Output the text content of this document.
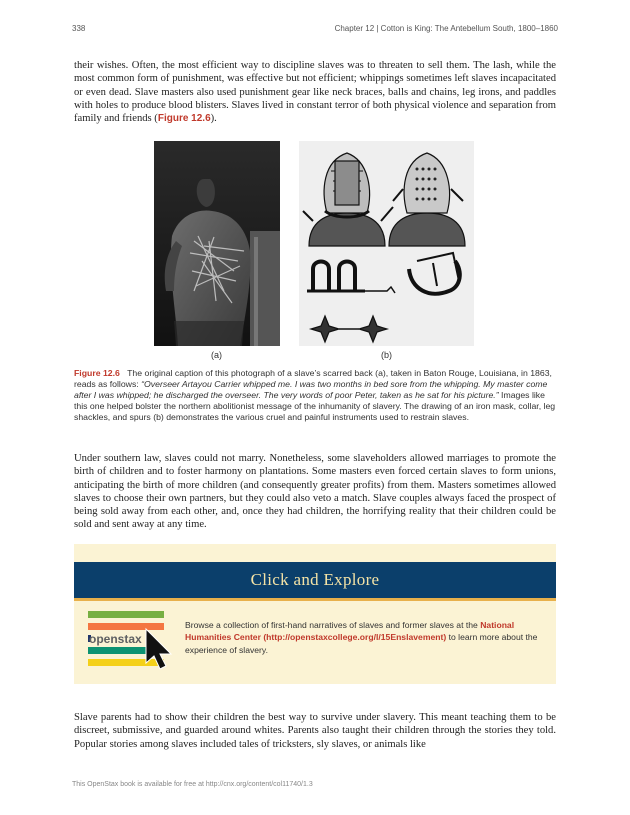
338	Chapter 12 | Cotton is King: The Antebellum South, 1800–1860

their wishes. Often, the most efficient way to discipline slaves was to threaten to sell them. The lash, while the most common form of punishment, was effective but not efficient; whippings sometimes left slaves incapacitated or even dead. Slave masters also used punishment gear like neck braces, balls and chains, leg irons, and paddles with holes to produce blood blisters. Slaves lived in constant terror of both physical violence and separation from family and friends (Figure 12.6).

(a)	(b)

Figure 12.6 The original caption of this photograph of a slave’s scarred back (a), taken in Baton Rouge, Louisiana, in 1863, reads as follows: “Overseer Artayou Carrier whipped me. I was two months in bed sore from the whipping. My master come after I was whipped; he discharged the overseer. The very words of poor Peter, taken as he sat for his picture.” Images like this one helped bolster the northern abolitionist message of the inhumanity of slavery. The drawing of an iron mask, collar, leg shackles, and spurs (b) demonstrates the various cruel and painful instruments used to restrain slaves.

Under southern law, slaves could not marry. Nonetheless, some slaveholders allowed marriages to promote the birth of children and to foster harmony on plantations. Some masters even forced certain slaves to form unions, anticipating the birth of more children (and consequently greater profits) from them. Masters sometimes allowed slaves to choose their own partners, but they could also veto a match. Slave couples always faced the prospect of being sold away from each other, and, once they had children, the horrifying reality that their children could be sold and sent away at any time.

Click and Explore
openstax

Browse a collection of first-hand narratives of slaves and former slaves at the National Humanities Center (http://openstaxcollege.org/l/15Enslavement) to learn more about the experience of slavery.

Slave parents had to show their children the best way to survive under slavery. This meant teaching them to be discreet, submissive, and guarded around whites. Parents also taught their children through the stories they told. Popular stories among slaves included tales of tricksters, sly slaves, or animals like

This OpenStax book is available for free at http://cnx.org/content/col11740/1.3
